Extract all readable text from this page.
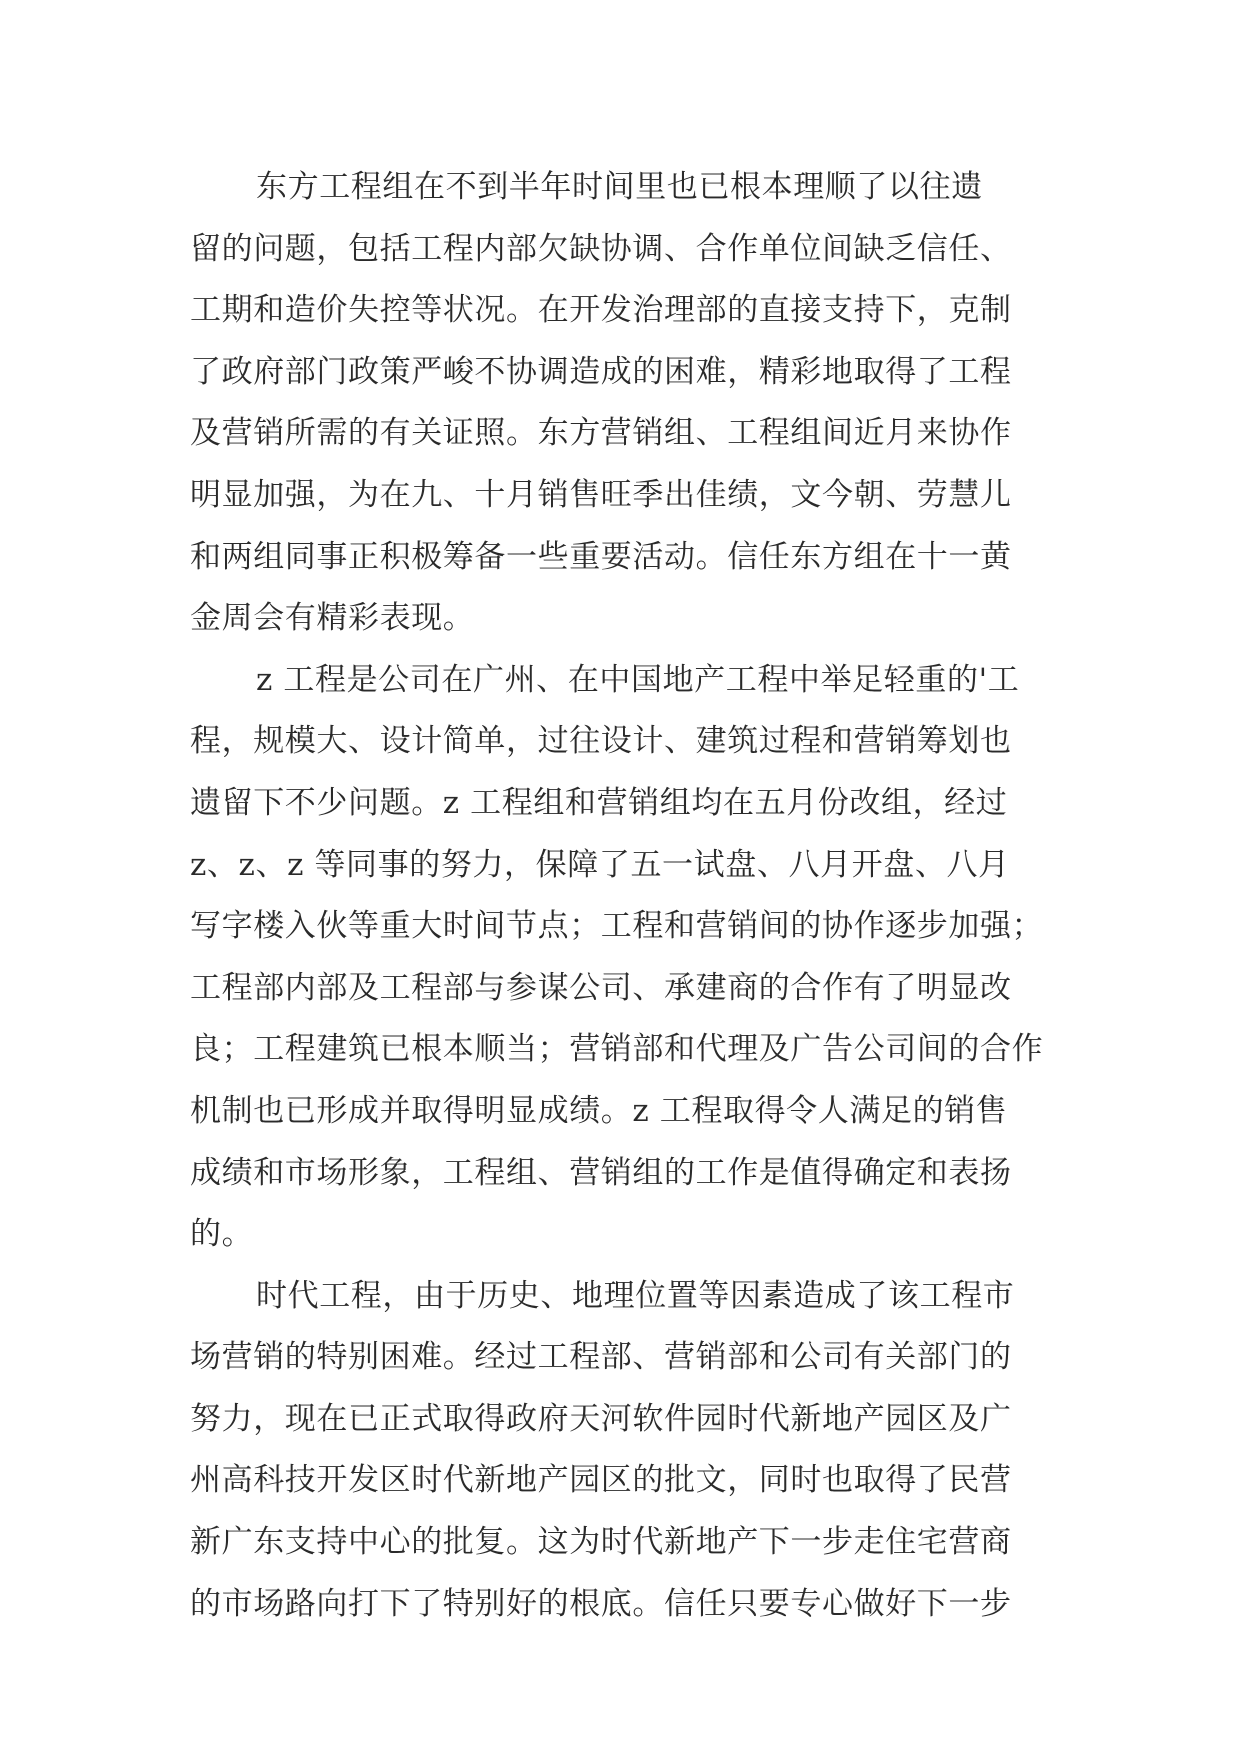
东方工程组在不到半年时间里也已根本理顺了以往遗
留的问题，包括工程内部欠缺协调、合作单位间缺乏信任、
工期和造价失控等状况。在开发治理部的直接支持下，克制
了政府部门政策严峻不协调造成的困难，精彩地取得了工程
及营销所需的有关证照。东方营销组、工程组间近月来协作
明显加强，为在九、十月销售旺季出佳绩，文今朝、劳慧儿
和两组同事正积极筹备一些重要活动。信任东方组在十一黄
金周会有精彩表现。

z 工程是公司在广州、在中国地产工程中举足轻重的'工
程，规模大、设计简单，过往设计、建筑过程和营销筹划也
遗留下不少问题。z 工程组和营销组均在五月份改组，经过
z、z、z 等同事的努力，保障了五一试盘、八月开盘、八月
写字楼入伙等重大时间节点；工程和营销间的协作逐步加强；
工程部内部及工程部与参谋公司、承建商的合作有了明显改
良；工程建筑已根本顺当；营销部和代理及广告公司间的合作
机制也已形成并取得明显成绩。z 工程取得令人满足的销售
成绩和市场形象，工程组、营销组的工作是值得确定和表扬
的。

时代工程，由于历史、地理位置等因素造成了该工程市
场营销的特别困难。经过工程部、营销部和公司有关部门的
努力，现在已正式取得政府天河软件园时代新地产园区及广
州高科技开发区时代新地产园区的批文，同时也取得了民营
新广东支持中心的批复。这为时代新地产下一步走住宅营商
的市场路向打下了特别好的根底。信任只要专心做好下一步
